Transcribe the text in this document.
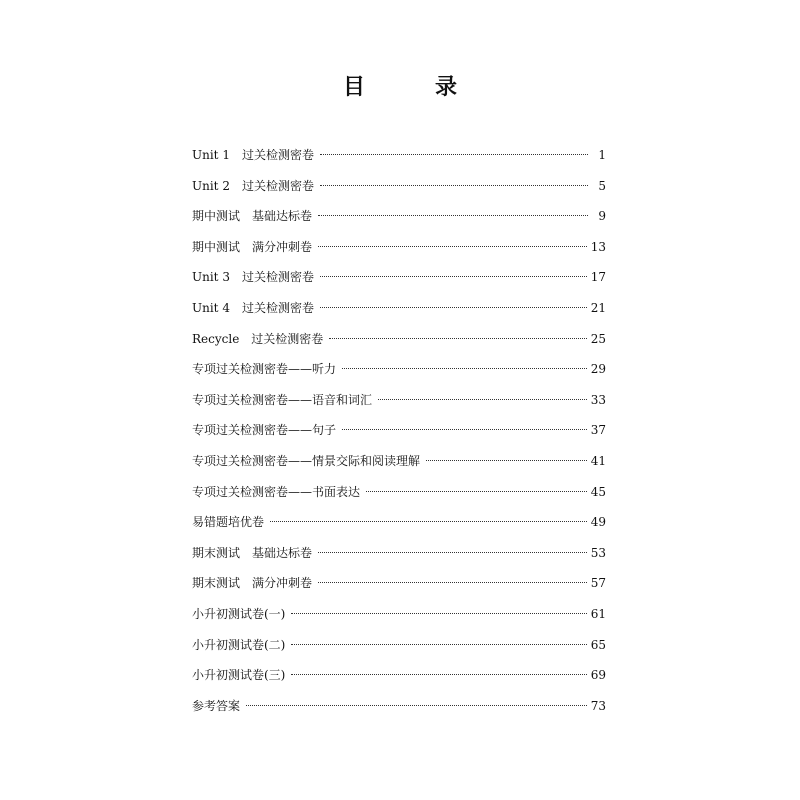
目　录
Unit 1　过关检测密卷	1
Unit 2　过关检测密卷	5
期中测试　基础达标卷	9
期中测试　满分冲刺卷	13
Unit 3　过关检测密卷	17
Unit 4　过关检测密卷	21
Recycle　过关检测密卷	25
专项过关检测密卷——听力	29
专项过关检测密卷——语音和词汇	33
专项过关检测密卷——句子	37
专项过关检测密卷——情景交际和阅读理解	41
专项过关检测密卷——书面表达	45
易错题培优卷	49
期末测试　基础达标卷	53
期末测试　满分冲刺卷	57
小升初测试卷(一)	61
小升初测试卷(二)	65
小升初测试卷(三)	69
参考答案	73
